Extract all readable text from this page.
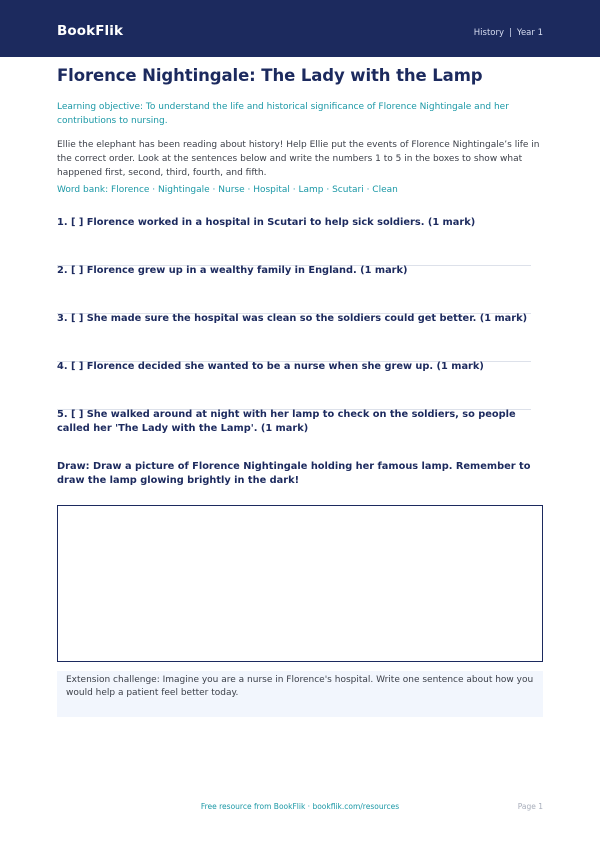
BookFlik	History | Year 1
Florence Nightingale: The Lady with the Lamp

Learning objective: To understand the life and historical significance of Florence Nightingale and her contributions to nursing.

Ellie the elephant has been reading about history! Help Ellie put the events of Florence Nightingale’s life in the correct order. Look at the sentences below and write the numbers 1 to 5 in the boxes to show what happened first, second, third, fourth, and fifth.

Word bank: Florence · Nightingale · Nurse · Hospital · Lamp · Scutari · Clean

1. [ ] Florence worked in a hospital in Scutari to help sick soldiers. (1 mark)

2. [ ] Florence grew up in a wealthy family in England. (1 mark)

3. [ ] She made sure the hospital was clean so the soldiers could get better. (1 mark)

4. [ ] Florence decided she wanted to be a nurse when she grew up. (1 mark)

5. [ ] She walked around at night with her lamp to check on the soldiers, so people called her 'The Lady with the Lamp'. (1 mark)

Draw: Draw a picture of Florence Nightingale holding her famous lamp. Remember to draw the lamp glowing brightly in the dark!

Extension challenge: Imagine you are a nurse in Florence's hospital. Write one sentence about how you would help a patient feel better today.
Free resource from BookFlik · bookflik.com/resources	Page 1
